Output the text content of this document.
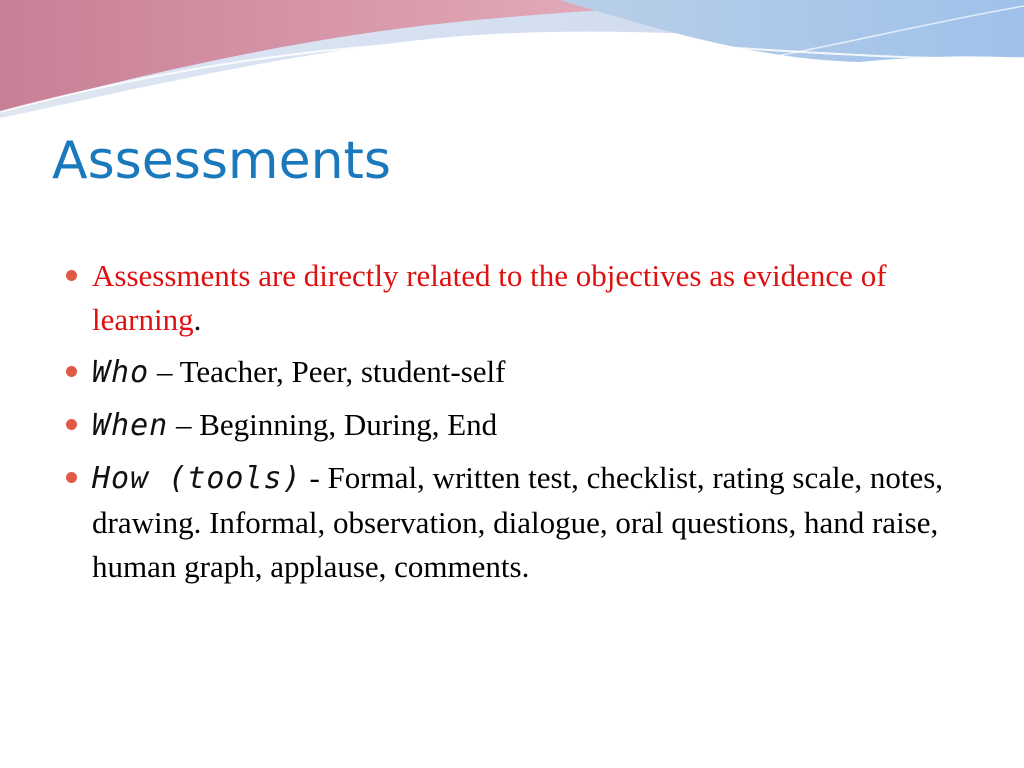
Assessments
Assessments are directly related to the objectives as evidence of learning.
Who – Teacher, Peer, student-self
When – Beginning, During, End
How (tools) - Formal, written test, checklist, rating scale, notes, drawing. Informal, observation, dialogue, oral questions, hand raise, human graph, applause, comments.
